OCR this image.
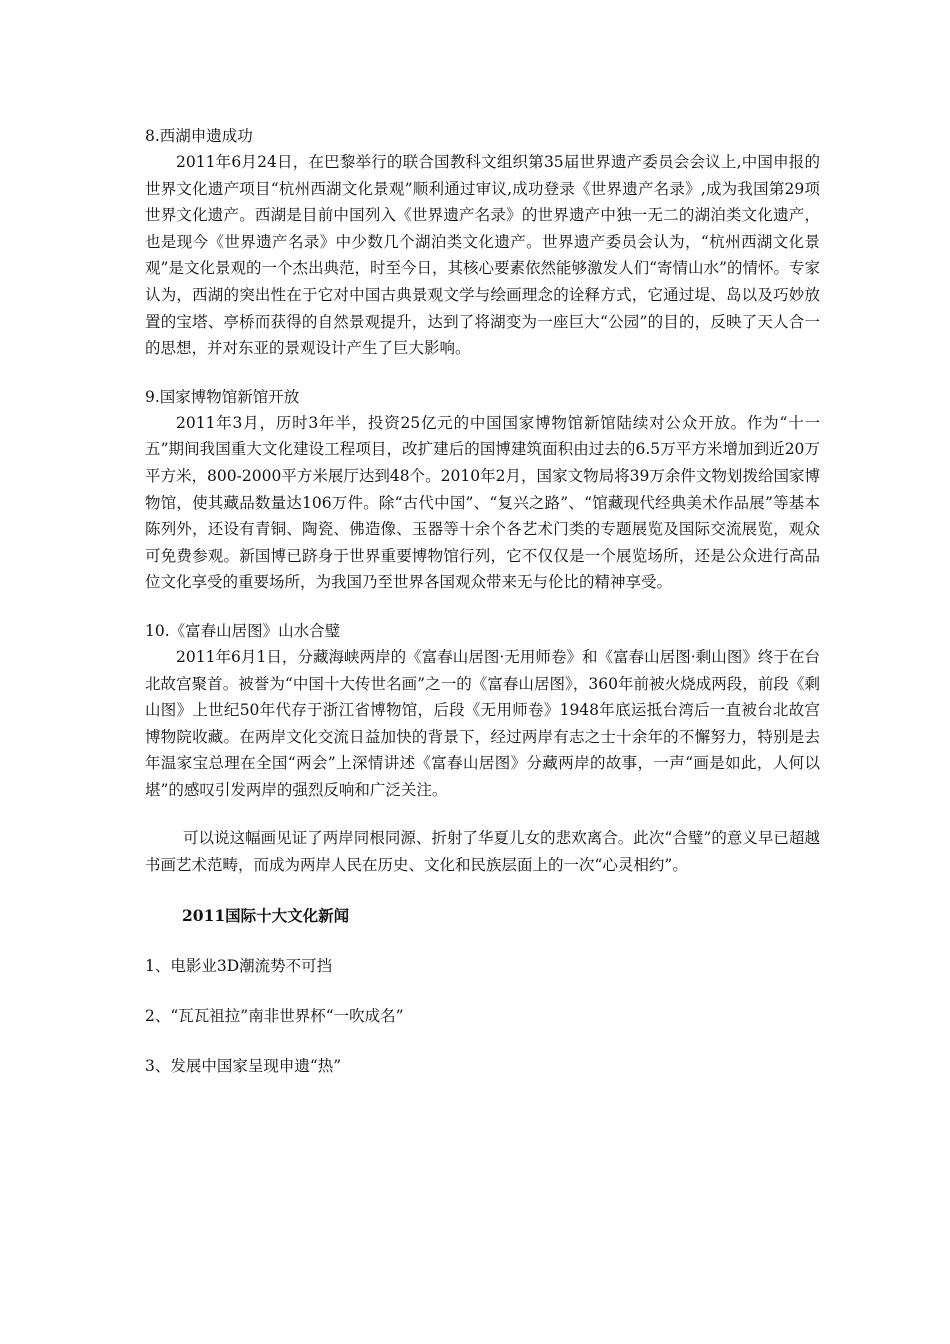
8.西湖申遗成功

2011年6月24日，在巴黎举行的联合国教科文组织第35届世界遗产委员会会议上,中国申报的世界文化遗产项目“杭州西湖文化景观”顺利通过审议,成功登录《世界遗产名录》,成为我国第29项世界文化遗产。西湖是目前中国列入《世界遗产名录》的世界遗产中独一无二的湖泊类文化遗产，也是现今《世界遗产名录》中少数几个湖泊类文化遗产。世界遗产委员会认为，“杭州西湖文化景观”是文化景观的一个杰出典范，时至今日，其核心要素依然能够激发人们“寄情山水”的情怀。专家认为，西湖的突出性在于它对中国古典景观文学与绘画理念的诠释方式，它通过堤、岛以及巧妙放置的宝塔、亭桥而获得的自然景观提升，达到了将湖变为一座巨大“公园”的目的，反映了天人合一的思想，并对东亚的景观设计产生了巨大影响。

9.国家博物馆新馆开放

2011年3月，历时3年半，投资25亿元的中国国家博物馆新馆陆续对公众开放。作为“十一五”期间我国重大文化建设工程项目，改扩建后的国博建筑面积由过去的6.5万平方米增加到近20万平方米，800-2000平方米展厅达到48个。2010年2月，国家文物局将39万余件文物划拨给国家博物馆，使其藏品数量达106万件。除“古代中国”、“复兴之路”、“馆藏现代经典美术作品展”等基本陈列外，还设有青铜、陶瓷、佛造像、玉器等十余个各艺术门类的专题展览及国际交流展览，观众可免费参观。新国博已跻身于世界重要博物馆行列，它不仅仅是一个展览场所，还是公众进行高品位文化享受的重要场所，为我国乃至世界各国观众带来无与伦比的精神享受。

10.《富春山居图》山水合璧

2011年6月1日，分藏海峡两岸的《富春山居图·无用师卷》和《富春山居图·剩山图》终于在台北故宫聚首。被誉为“中国十大传世名画”之一的《富春山居图》，360年前被火烧成两段，前段《剩山图》上世纪50年代存于浙江省博物馆，后段《无用师卷》1948年底运抵台湾后一直被台北故宫博物院收藏。在两岸文化交流日益加快的背景下，经过两岸有志之士十余年的不懈努力，特别是去年温家宝总理在全国“两会”上深情讲述《富春山居图》分藏两岸的故事，一声“画是如此，人何以堪”的感叹引发两岸的强烈反响和广泛关注。

可以说这幅画见证了两岸同根同源、折射了华夏儿女的悲欢离合。此次“合璧”的意义早已超越书画艺术范畴，而成为两岸人民在历史、文化和民族层面上的一次“心灵相约”。

2011国际十大文化新闻

1、电影业3D潮流势不可挡

2、“瓦瓦祖拉”南非世界杯“一吹成名”

3、发展中国家呈现申遗“热”
